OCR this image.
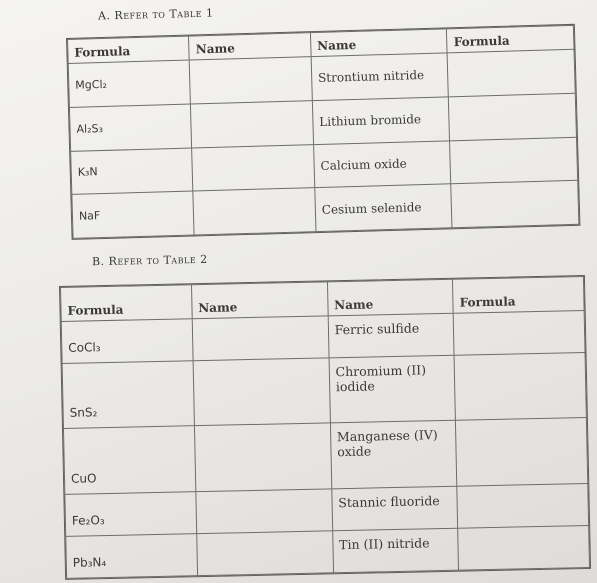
A. Refer to Table 1
Formula	Name	Name	Formula
MgCl₂		Strontium nitride	
Al₂S₃		Lithium bromide	
K₃N		Calcium oxide	
NaF		Cesium selenide	
B. Refer to Table 2
Formula	Name	Name	Formula
CoCl₃		Ferric sulfide	
SnS₂		Chromium (II) iodide	
CuO		Manganese (IV) oxide	
Fe₂O₃		Stannic fluoride	
Pb₃N₄		Tin (II) nitride	
